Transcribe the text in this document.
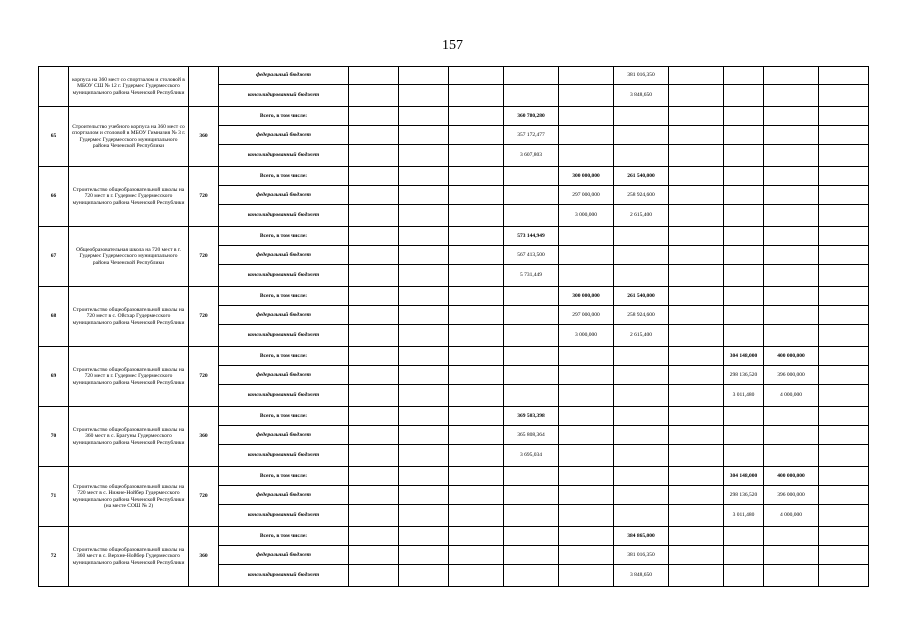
157
	корпуса на 360 мест со спортзалом и столовой в МБОУ СШ № 12 г. Гудермес Гудермесского муниципального района Чеченской Республики		федеральный бюджет						381 016,350				
			консолидированный бюджет						3 848,650				
65	Строительство учебного корпуса на 360 мест со спортзалом и столовой в МБОУ Гимназия № 3 г. Гудермес Гудермесского муниципального района Чеченской Республики	360	Всего, в том числе:				360 780,280						
			федеральный бюджет				357 172,477						
			консолидированный бюджет				3 607,803						
66	Строительство общеобразовательной школы на 720 мест в г. Гудермес Гудермесского муниципального района Чеченской Республики	720	Всего, в том числе:					300 000,000	261 540,000				
			федеральный бюджет					297 000,000	258 924,600				
			консолидированный бюджет					3 000,000	2 615,400				
67	Общеобразовательная школа на 720 мест в г. Гудермес Гудермесского муниципального района Чеченской Республики	720	Всего, в том числе:				573 144,949						
			федеральный бюджет				567 413,500						
			консолидированный бюджет				5 731,449						
68	Строительство общеобразовательной школы на 720 мест в с. Ойсхар Гудермесского муниципального района Чеченской Республики	720	Всего, в том числе:					300 000,000	261 540,000				
			федеральный бюджет					297 000,000	258 924,600				
			консолидированный бюджет					3 000,000	2 615,400				
69	Строительство общеобразовательной школы на 720 мест в г. Гудермес Гудермесского муниципального района Чеченской Республики	720	Всего, в том числе:								304 148,000	400 000,000	
			федеральный бюджет								298 136,520	396 000,000	
			консолидированный бюджет								3 011,480	4 000,000	
70	Строительство общеобразовательной школы на 360 мест в с. Брагуны Гудермесского муниципального района Чеченской Республики	360	Всего, в том числе:				369 503,398						
			федеральный бюджет				365 808,364						
			консолидированный бюджет				3 695,034						
71	Строительство общеобразовательной школы на 720 мест в с. Нижне-Нойбер Гудермесского муниципального района Чеченской Республики (на месте СОШ № 2)	720	Всего, в том числе:								304 148,000	400 000,000	
			федеральный бюджет								298 136,520	396 000,000	
			консолидированный бюджет								3 011,480	4 000,000	
72	Строительство общеобразовательной школы на 360 мест в с. Верхне-Нойбер Гудермесского муниципального района Чеченской Республики	360	Всего, в том числе:						384 865,000				
			федеральный бюджет						381 016,350				
			консолидированный бюджет						3 848,650				
